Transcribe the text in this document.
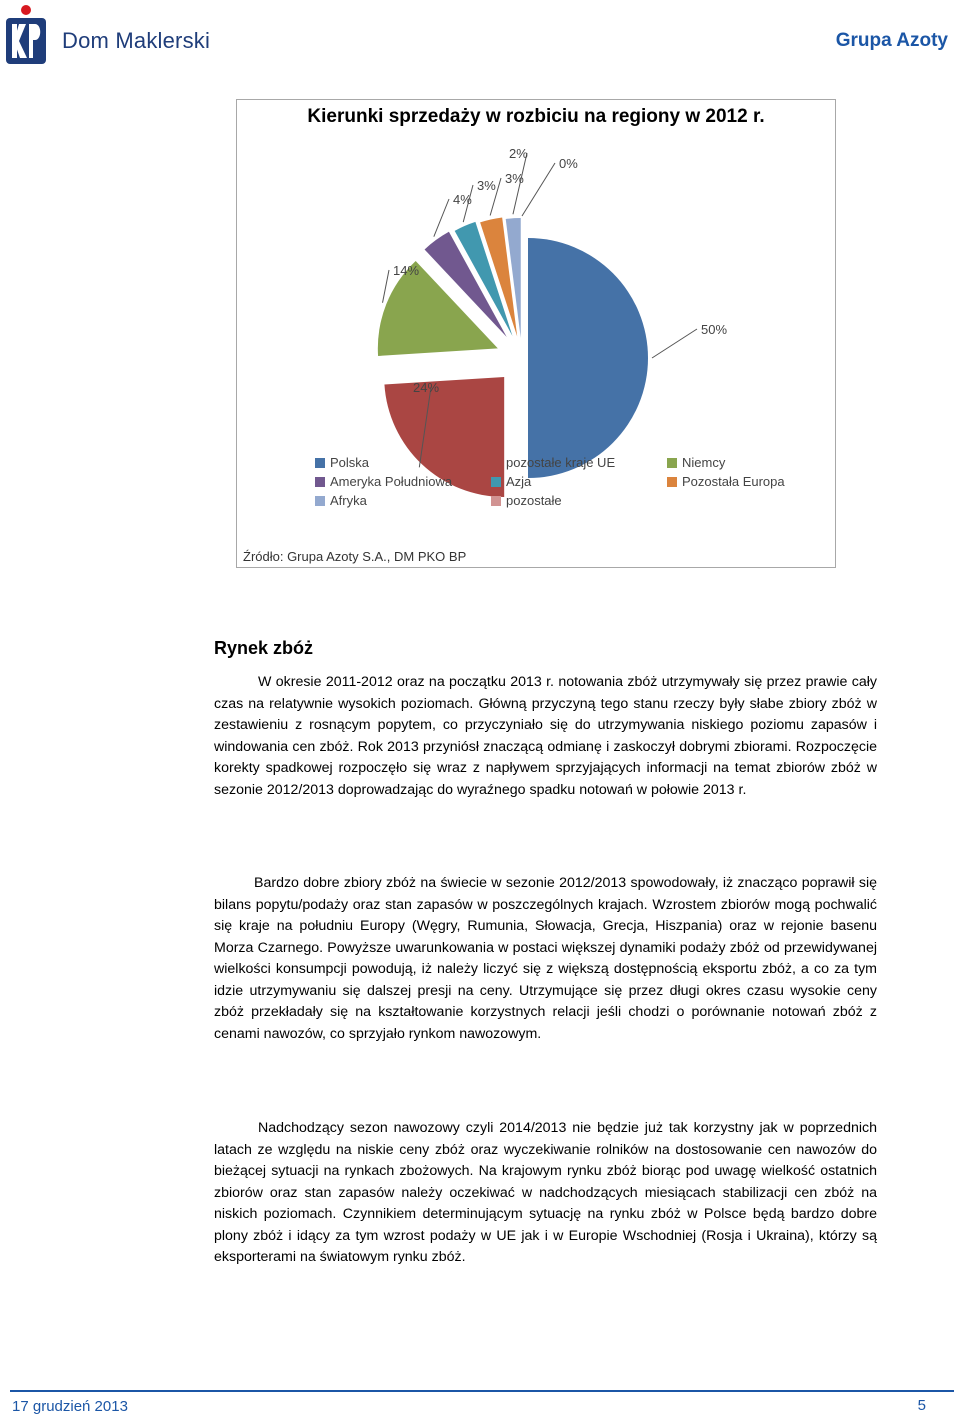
Dom Maklerski	Grupa Azoty
Kierunki sprzedaży w rozbiciu na regiony w 2012 r.
50%
24%
14%
4%
3% 3%
2%
0%
Polska	pozostałe kraje UE	Niemcy
Ameryka Południowa	Azja	Pozostała Europa
Afryka	pozostałe
Źródło: Grupa Azoty S.A., DM PKO BP
Rynek zbóż
W okresie 2011-2012 oraz na początku 2013 r. notowania zbóż utrzymywały się przez prawie cały czas na relatywnie wysokich poziomach. Główną przyczyną tego stanu rzeczy były słabe zbiory zbóż w zestawieniu z rosnącym popytem, co przyczyniało się do utrzymywania niskiego poziomu zapasów i windowania cen zbóż. Rok 2013 przyniósł znaczącą odmianę i zaskoczył dobrymi zbiorami. Rozpoczęcie korekty spadkowej rozpoczęło się wraz z napływem sprzyjających informacji na temat zbiorów zbóż w sezonie 2012/2013 doprowadzając do wyraźnego spadku notowań w połowie 2013 r.
Bardzo dobre zbiory zbóż na świecie w sezonie 2012/2013 spowodowały, iż znacząco poprawił się bilans popytu/podaży oraz stan zapasów w poszczególnych krajach. Wzrostem zbiorów mogą pochwalić się kraje na południu Europy (Węgry, Rumunia, Słowacja, Grecja, Hiszpania) oraz w rejonie basenu Morza Czarnego. Powyższe uwarunkowania w postaci większej dynamiki podaży zbóż od przewidywanej wielkości konsumpcji powodują, iż należy liczyć się z większą dostępnością eksportu zbóż, a co za tym idzie utrzymywaniu się dalszej presji na ceny. Utrzymujące się przez długi okres czasu wysokie ceny zbóż przekładały się na kształtowanie korzystnych relacji jeśli chodzi o porównanie notowań zbóż z cenami nawozów, co sprzyjało rynkom nawozowym.
Nadchodzący sezon nawozowy czyli 2014/2013 nie będzie już tak korzystny jak w poprzednich latach ze względu na niskie ceny zbóż oraz wyczekiwanie rolników na dostosowanie cen nawozów do bieżącej sytuacji na rynkach zbożowych. Na krajowym rynku zbóż biorąc pod uwagę wielkość ostatnich zbiorów oraz stan zapasów należy oczekiwać w nadchodzących miesiącach stabilizacji cen zbóż na niskich poziomach. Czynnikiem determinującym sytuację na rynku zbóż w Polsce będą bardzo dobre plony zbóż i idący za tym wzrost podaży w UE jak i w Europie Wschodniej (Rosja i Ukraina), którzy są eksporterami na światowym rynku zbóż.
17 grudzień 2013	5
